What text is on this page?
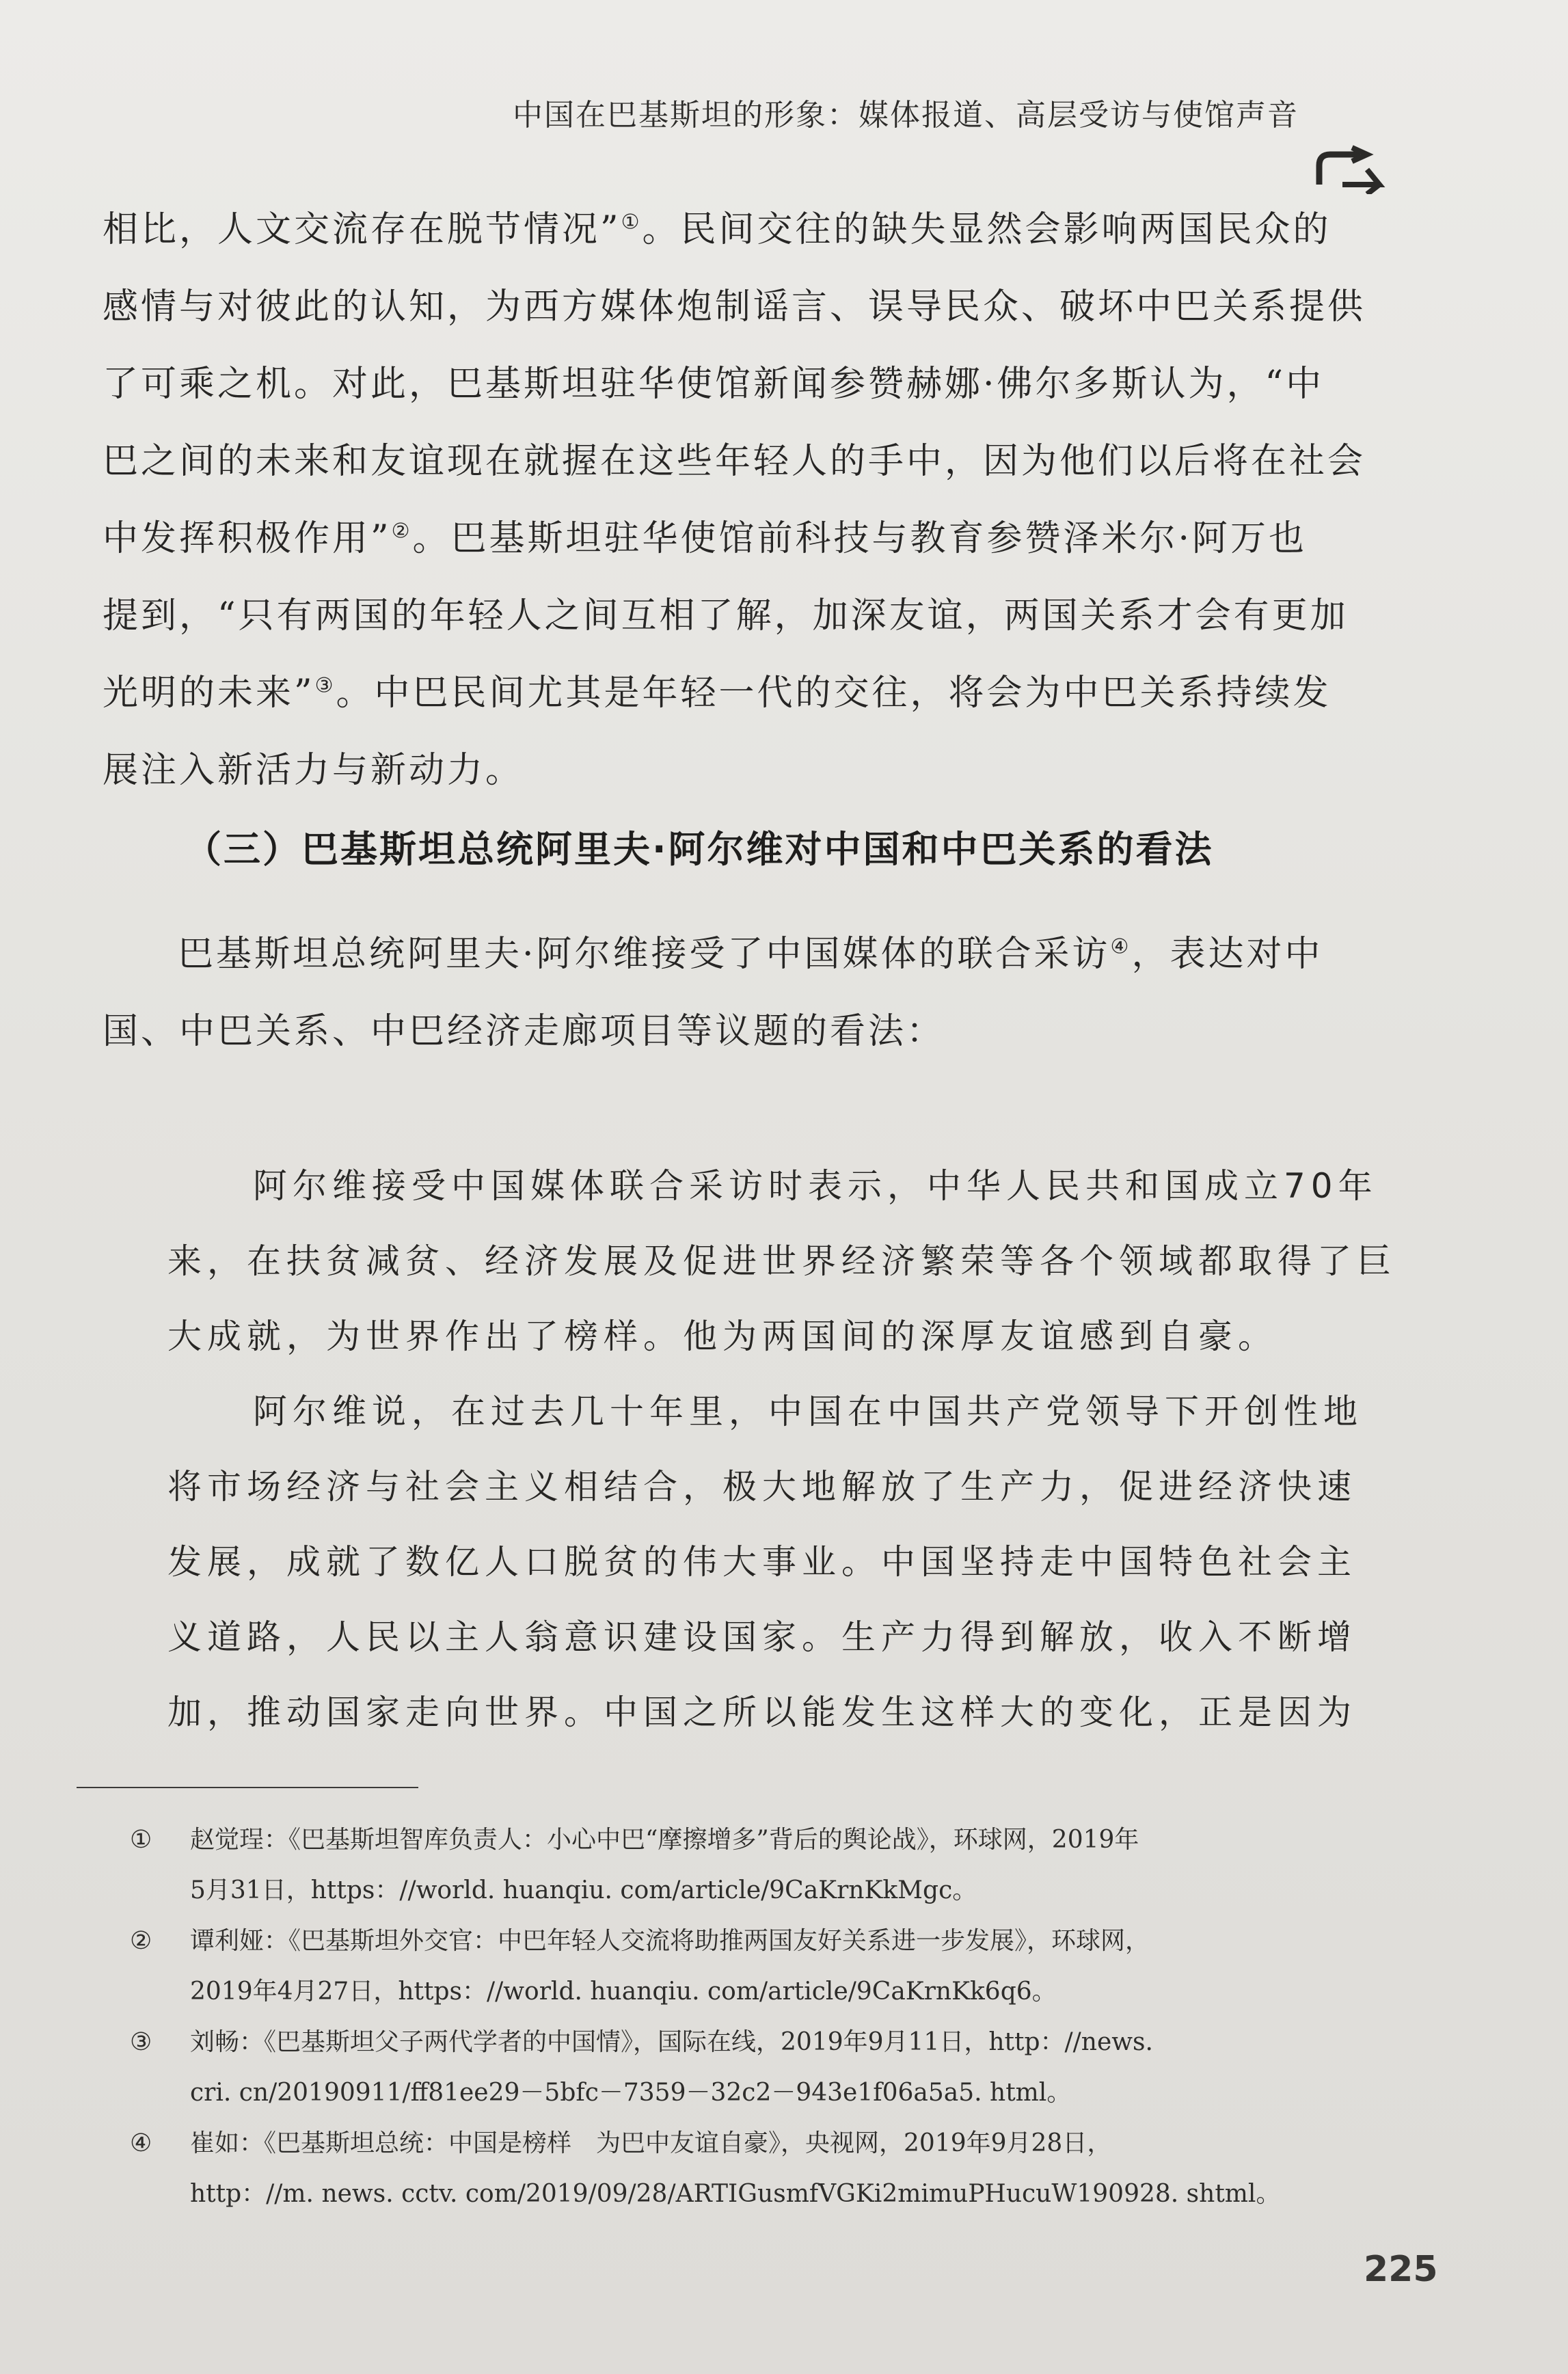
中国在巴基斯坦的形象：媒体报道、高层受访与使馆声音
相比，人文交流存在脱节情况”①。民间交往的缺失显然会影响两国民众的
感情与对彼此的认知，为西方媒体炮制谣言、误导民众、破坏中巴关系提供
了可乘之机。对此，巴基斯坦驻华使馆新闻参赞赫娜·佛尔多斯认为，“中
巴之间的未来和友谊现在就握在这些年轻人的手中，因为他们以后将在社会
中发挥积极作用”②。巴基斯坦驻华使馆前科技与教育参赞泽米尔·阿万也
提到，“只有两国的年轻人之间互相了解，加深友谊，两国关系才会有更加
光明的未来”③。中巴民间尤其是年轻一代的交往，将会为中巴关系持续发
展注入新活力与新动力。
（三）巴基斯坦总统阿里夫·阿尔维对中国和中巴关系的看法
巴基斯坦总统阿里夫·阿尔维接受了中国媒体的联合采访④，表达对中
国、中巴关系、中巴经济走廊项目等议题的看法：
阿尔维接受中国媒体联合采访时表示，中华人民共和国成立70年
来，在扶贫减贫、经济发展及促进世界经济繁荣等各个领域都取得了巨
大成就，为世界作出了榜样。他为两国间的深厚友谊感到自豪。
阿尔维说，在过去几十年里，中国在中国共产党领导下开创性地
将市场经济与社会主义相结合，极大地解放了生产力，促进经济快速
发展，成就了数亿人口脱贫的伟大事业。中国坚持走中国特色社会主
义道路，人民以主人翁意识建设国家。生产力得到解放，收入不断增
加，推动国家走向世界。中国之所以能发生这样大的变化，正是因为
① 赵觉珵：《巴基斯坦智库负责人：小心中巴“摩擦增多”背后的舆论战》，环球网，2019年
5月31日，https：//world. huanqiu. com/article/9CaKrnKkMgc。
② 谭利娅：《巴基斯坦外交官：中巴年轻人交流将助推两国友好关系进一步发展》，环球网，
2019年4月27日，https：//world. huanqiu. com/article/9CaKrnKk6q6。
③ 刘畅：《巴基斯坦父子两代学者的中国情》，国际在线，2019年9月11日，http：//news.
cri. cn/20190911/ff81ee29－5bfc－7359－32c2－943e1f06a5a5. html。
④ 崔如：《巴基斯坦总统：中国是榜样　为巴中友谊自豪》，央视网，2019年9月28日，
http：//m. news. cctv. com/2019/09/28/ARTIGusmfVGKi2mimuPHucuW190928. shtml。
225
